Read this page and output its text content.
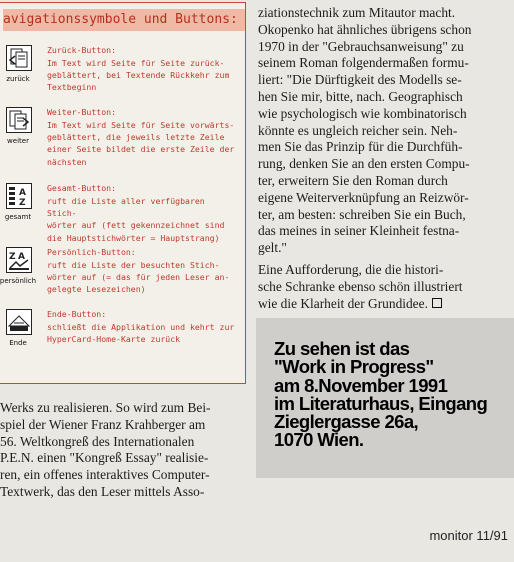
avigationssymbole und Buttons:
zurück
Zurück-Button:
Im Text wird Seite für Seite zurück-
geblättert, bei Textende Rückkehr zum
Textbeginn
weiter
Weiter-Button:
Im Text wird Seite für Seite vorwärts-
geblättert, die jeweils letzte Zeile
einer Seite bildet die erste Zeile der
nächsten
A
Z
gesamt
Gesamt-Button:
ruft die Liste aller verfügbaren Stich-
wörter auf (fett gekennzeichnet sind
die Hauptstichwörter = Hauptstrang)
Z A
persönlich
Persönlich-Button:
ruft die Liste der besuchten Stich-
wörter auf (= das für jeden Leser an-
gelegte Lesezeichen)
Ende
Ende-Button:
schließt die Applikation und kehrt zur
HyperCard-Home-Karte zurück
Werks zu realisieren. So wird zum Bei-
spiel der Wiener Franz Krahberger am
56. Weltkongreß des Internationalen
P.E.N. einen "Kongreß Essay" realisie-
ren, ein offenes interaktives Computer-
Textwerk, das den Leser mittels Asso-
ziationstechnik zum Mitautor macht.
Okopenko hat ähnliches übrigens schon
1970 in der "Gebrauchsanweisung" zu
seinem Roman folgendermaßen formu-
liert: "Die Dürftigkeit des Modells se-
hen Sie mir, bitte, nach. Geographisch
wie psychologisch wie kombinatorisch
könnte es ungleich reicher sein. Neh-
men Sie das Prinzip für die Durchfüh-
rung, denken Sie an den ersten Compu-
ter, erweitern Sie den Roman durch
eigene Weiterverknüpfung an Reizwör-
ter, am besten: schreiben Sie ein Buch,
das meines in seiner Kleinheit festna-
gelt."
Eine Aufforderung, die die histori-
sche Schranke ebenso schön illustriert
wie die Klarheit der Grundidee.
Zu sehen ist das
"Work in Progress"
am 8.November 1991
im Literaturhaus, Eingang
Zieglergasse 26a,
1070 Wien.
monitor 11/91
